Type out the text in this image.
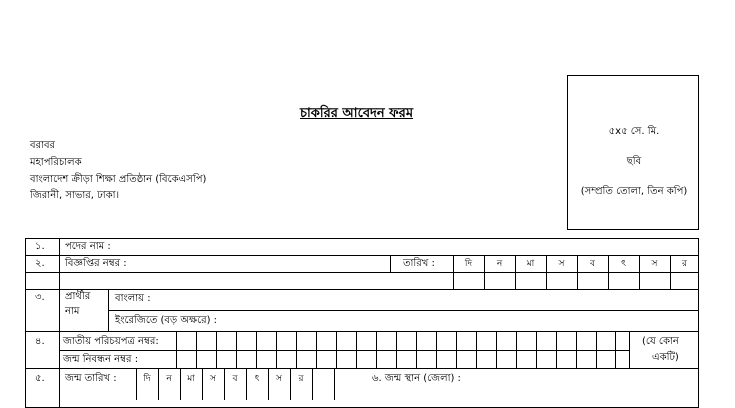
চাকরির আবেদন ফরম
৫x৫ সে. মি.
ছবি
(সম্প্রতি তোলা, তিন কপি)
বরাবর
মহাপরিচালক
বাংলাদেশ ক্রীড়া শিক্ষা প্রতিষ্ঠান (বিকেএসপি)
জিরানী, সাভার, ঢাকা।
১. পদের নাম :
২. বিজ্ঞপ্তির নম্বর :	তারিখ :	দি	ন	মা	স	ব	ৎ	স	র
৩. প্রার্থীর
নাম
বাংলায় :
ইংরেজিতে (বড় অক্ষরে) :
৪. জাতীয় পরিচয়পত্র নম্বর:
জন্ম নিবন্ধন নম্বর :
(যে কোন
একটি)
৫. জন্ম তারিখ :	দি	ন	মা	স	ব	ৎ	স	র	৬. জন্ম স্থান (জেলা) :
